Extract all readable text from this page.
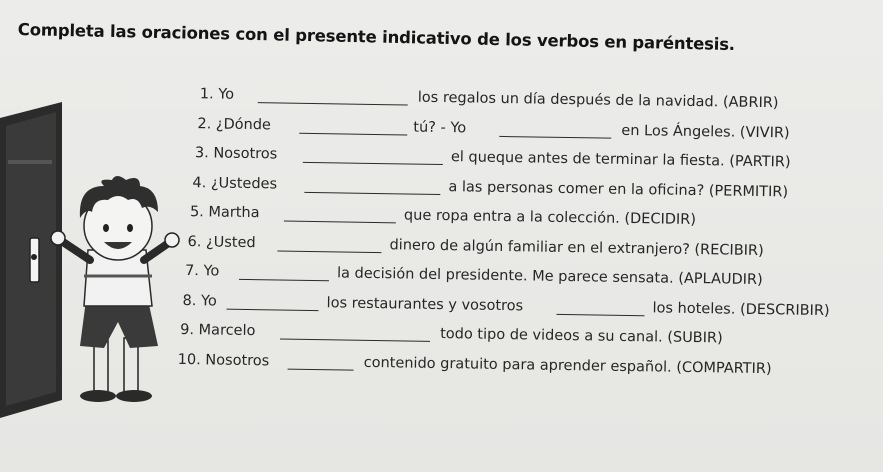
Completa las oraciones con el presente indicativo de los verbos en paréntesis.
1. Yo	los regalos un día después de la navidad. (ABRIR)
2. ¿Dónde	tú? - Yo	en Los Ángeles. (VIVIR)
3. Nosotros	el queque antes de terminar la fiesta. (PARTIR)
4. ¿Ustedes	a las personas comer en la oficina? (PERMITIR)
5. Martha	que ropa entra a la colección. (DECIDIR)
6. ¿Usted	dinero de algún familiar en el extranjero? (RECIBIR)
7. Yo	la decisión del presidente. Me parece sensata. (APLAUDIR)
8. Yo	los restaurantes y vosotros	los hoteles. (DESCRIBIR)
9. Marcelo	todo tipo de videos a su canal. (SUBIR)
10. Nosotros	contenido gratuito para aprender español. (COMPARTIR)
